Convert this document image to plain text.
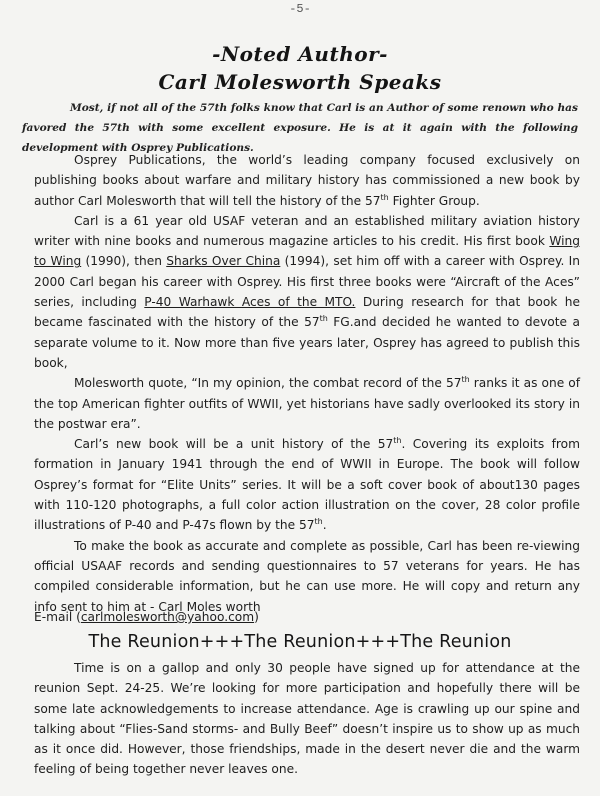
-5-
-Noted Author-
Carl Molesworth Speaks

Most, if not all of the 57th folks know that Carl is an Author of some renown who has favored the 57th with some excellent exposure. He is at it again with the following development with Osprey Publications.

Osprey Publications, the world’s leading company focused exclusively on publishing books about warfare and military history has commissioned a new book by author Carl Molesworth that will tell the history of the 57th Fighter Group.

Carl is a 61 year old USAF veteran and an established military aviation history writer with nine books and numerous magazine articles to his credit. His first book Wing to Wing (1990), then Sharks Over China (1994), set him off with a career with Osprey. In 2000 Carl began his career with Osprey. His first three books were “Aircraft of the Aces” series, including P-40 Warhawk Aces of the MTO. During research for that book he became fascinated with the history of the 57th FG.and decided he wanted to devote a separate volume to it. Now more than five years later, Osprey has agreed to publish this book,

Molesworth quote, “In my opinion, the combat record of the 57th ranks it as one of the top American fighter outfits of WWII, yet historians have sadly overlooked its story in the postwar era”.

Carl’s new book will be a unit history of the 57th. Covering its exploits from formation in January 1941 through the end of WWII in Europe. The book will follow Osprey’s format for “Elite Units” series. It will be a soft cover book of about130 pages with 110-120 photographs, a full color action illustration on the cover, 28 color profile illustrations of P-40 and P-47s flown by the 57th.

To make the book as accurate and complete as possible, Carl has been re-viewing official USAAF records and sending questionnaires to 57 veterans for years. He has compiled considerable information, but he can use more. He will copy and return any info sent to him at - Carl Moles worth

E-mail (carlmolesworth@yahoo.com)
The Reunion+++The Reunion+++The Reunion

Time is on a gallop and only 30 people have signed up for attendance at the reunion Sept. 24-25. We’re looking for more participation and hopefully there will be some late acknowledgements to increase attendance. Age is crawling up our spine and talking about “Flies-Sand storms- and Bully Beef” doesn’t inspire us to show up as much as it once did. However, those friendships, made in the desert never die and the warm feeling of being together never leaves one.
